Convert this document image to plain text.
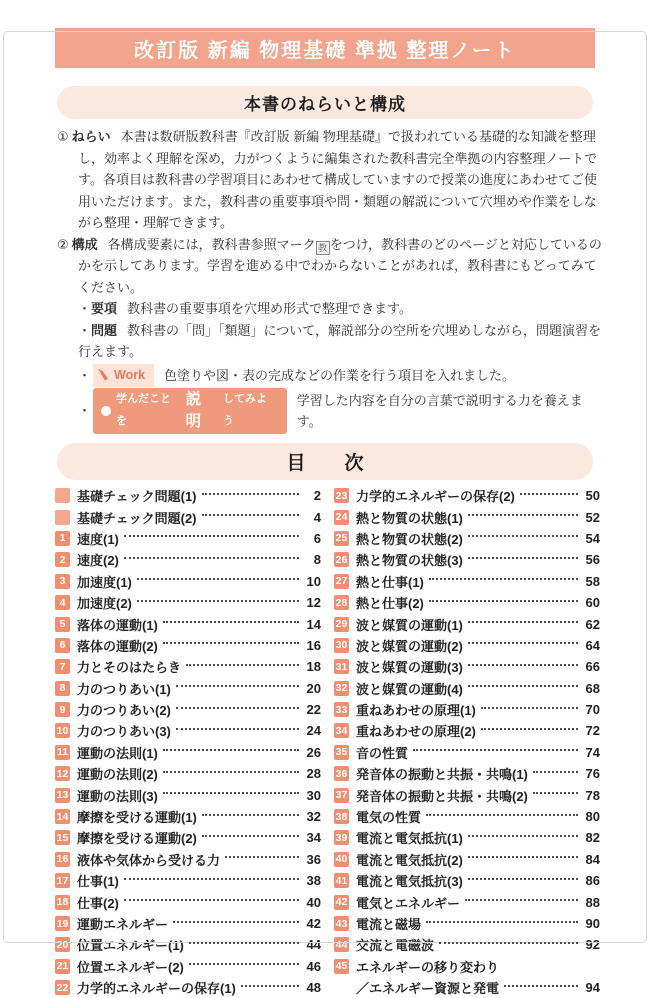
改訂版 新編 物理基礎 準拠 整理ノート
本書のねらいと構成

① ねらい 本書は数研版教科書『改訂版 新編 物理基礎』で扱われている基礎的な知識を整理し，効率よく理解を深め，力がつくように編集された教科書完全準拠の内容整理ノートです。各項目は教科書の学習項目にあわせて構成していますので授業の進度にあわせてご使用いただけます。また，教科書の重要事項や問・類題の解説について穴埋めや作業をしながら整理・理解できます。

② 構成 各構成要素には，教科書参照マーク 教 をつけ，教科書のどのページと対応しているのかを示してあります。学習を進める中でわからないことがあれば，教科書にもどってみてください。

・要項 教科書の重要事項を穴埋め形式で整理できます。
・問題 教科書の「問」「類題」について，解説部分の空所を穴埋めしながら，問題演習を行えます。
・ Work 色塗りや図・表の完成などの作業を行う項目を入れました。
・
学んだことを
説明
してみよう
学習した内容を自分の言葉で説明する力を養えます。
目　次
基礎チェック問題(1)	2
基礎チェック問題(2)	4
1 速度(1)	6
2 速度(2)	8
3 加速度(1)	10
4 加速度(2)	12
5 落体の運動(1)	14
6 落体の運動(2)	16
7 力とそのはたらき	18
8 力のつりあい(1)	20
9 力のつりあい(2)	22
10 力のつりあい(3)	24
11 運動の法則(1)	26
12 運動の法則(2)	28
13 運動の法則(3)	30
14 摩擦を受ける運動(1)	32
15 摩擦を受ける運動(2)	34
16 液体や気体から受ける力	36
17 仕事(1)	38
18 仕事(2)	40
19 運動エネルギー	42
20 位置エネルギー(1)	44
21 位置エネルギー(2)	46
22 力学的エネルギーの保存(1)	48
23 力学的エネルギーの保存(2)	50
24 熱と物質の状態(1)	52
25 熱と物質の状態(2)	54
26 熱と物質の状態(3)	56
27 熱と仕事(1)	58
28 熱と仕事(2)	60
29 波と媒質の運動(1)	62
30 波と媒質の運動(2)	64
31 波と媒質の運動(3)	66
32 波と媒質の運動(4)	68
33 重ねあわせの原理(1)	70
34 重ねあわせの原理(2)	72
35 音の性質	74
36 発音体の振動と共振・共鳴(1)	76
37 発音体の振動と共振・共鳴(2)	78
38 電気の性質	80
39 電流と電気抵抗(1)	82
40 電流と電気抵抗(2)	84
41 電流と電気抵抗(3)	86
42 電気とエネルギー	88
43 電流と磁場	90
44 交流と電磁波	92
45 エネルギーの移り変わり
／エネルギー資源と発電	94
